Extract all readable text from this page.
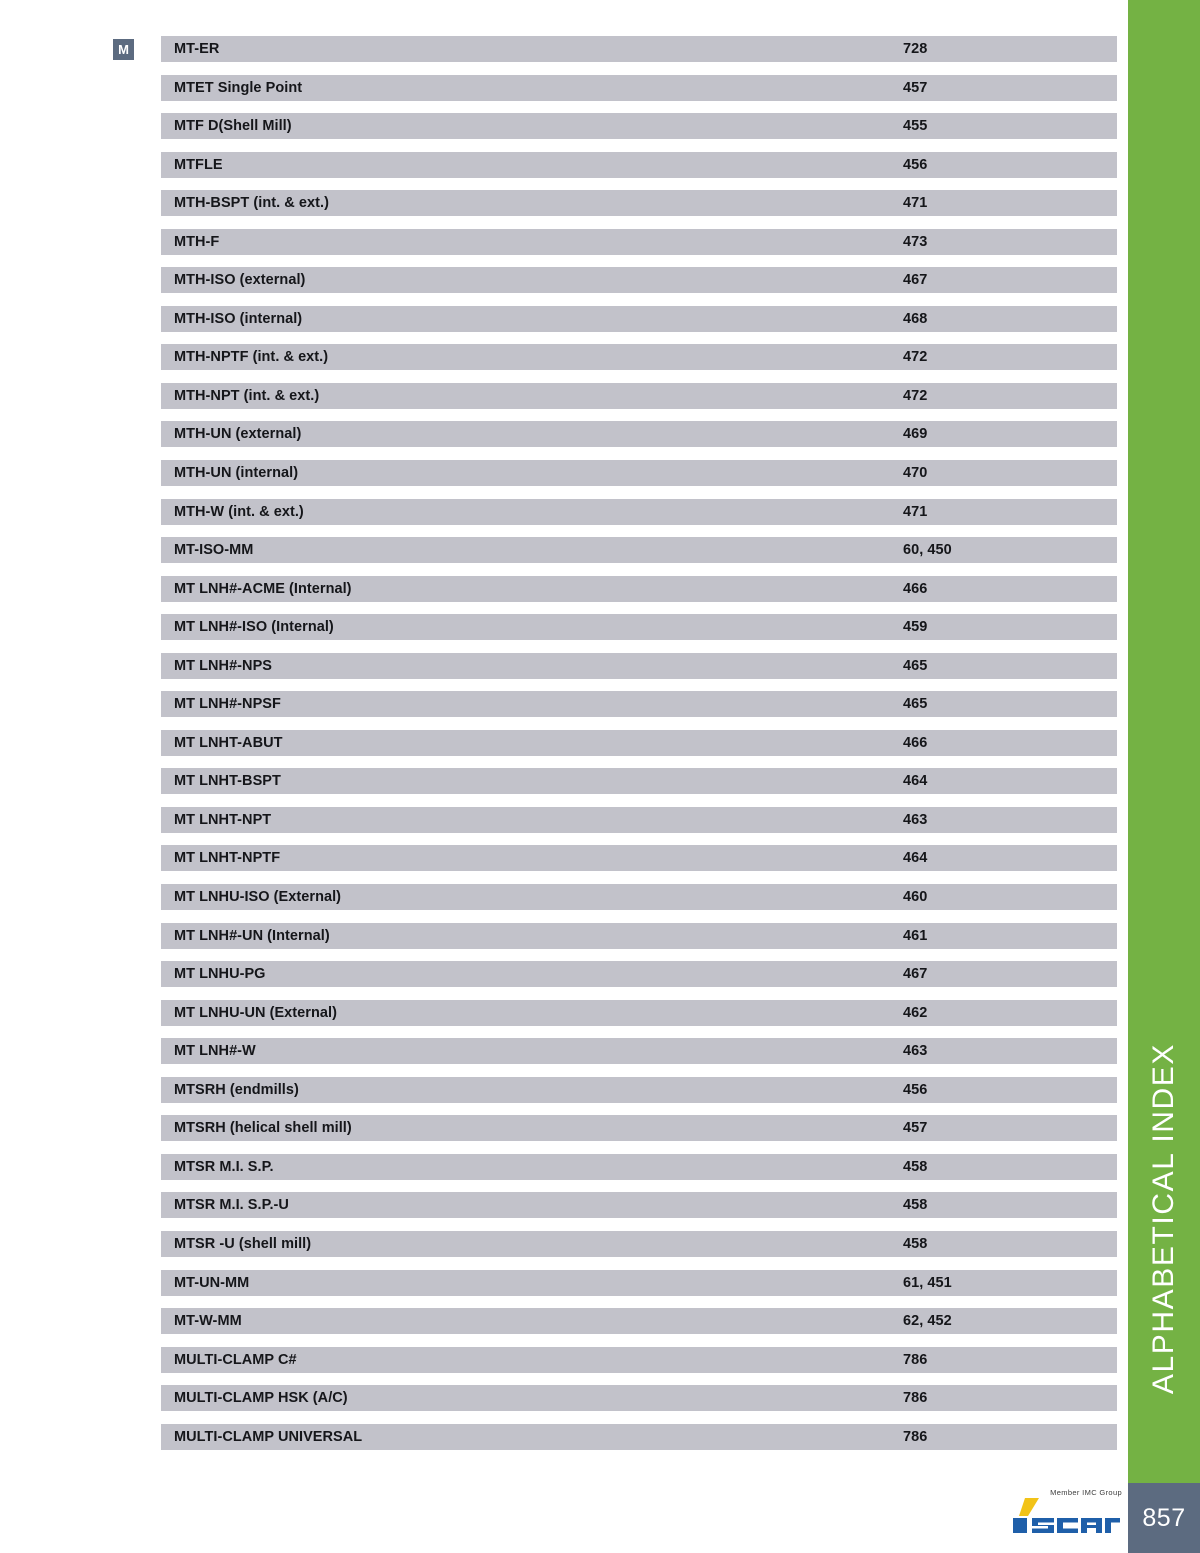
M	MT-ER	728
MTET Single Point	457
MTF D(Shell Mill)	455
MTFLE	456
MTH-BSPT (int. & ext.)	471
MTH-F	473
MTH-ISO (external)	467
MTH-ISO (internal)	468
MTH-NPTF (int. & ext.)	472
MTH-NPT (int. & ext.)	472
MTH-UN (external)	469
MTH-UN (internal)	470
MTH-W (int. & ext.)	471
MT-ISO-MM	60, 450
MT LNH#-ACME (Internal)	466
MT LNH#-ISO (Internal)	459
MT LNH#-NPS	465
MT LNH#-NPSF	465
MT LNHT-ABUT	466
MT LNHT-BSPT	464
MT LNHT-NPT	463
MT LNHT-NPTF	464
MT LNHU-ISO (External)	460
MT LNH#-UN (Internal)	461
MT LNHU-PG	467
MT LNHU-UN (External)	462
MT LNH#-W	463
MTSRH (endmills)	456
MTSRH (helical shell mill)	457
MTSR M.I. S.P.	458
MTSR M.I. S.P.-U	458
MTSR -U (shell mill)	458
MT-UN-MM	61, 451
MT-W-MM	62, 452
MULTI-CLAMP C#	786
MULTI-CLAMP HSK (A/C)	786
MULTI-CLAMP UNIVERSAL	786
ALPHABETICAL INDEX
857
Member IMC Group
